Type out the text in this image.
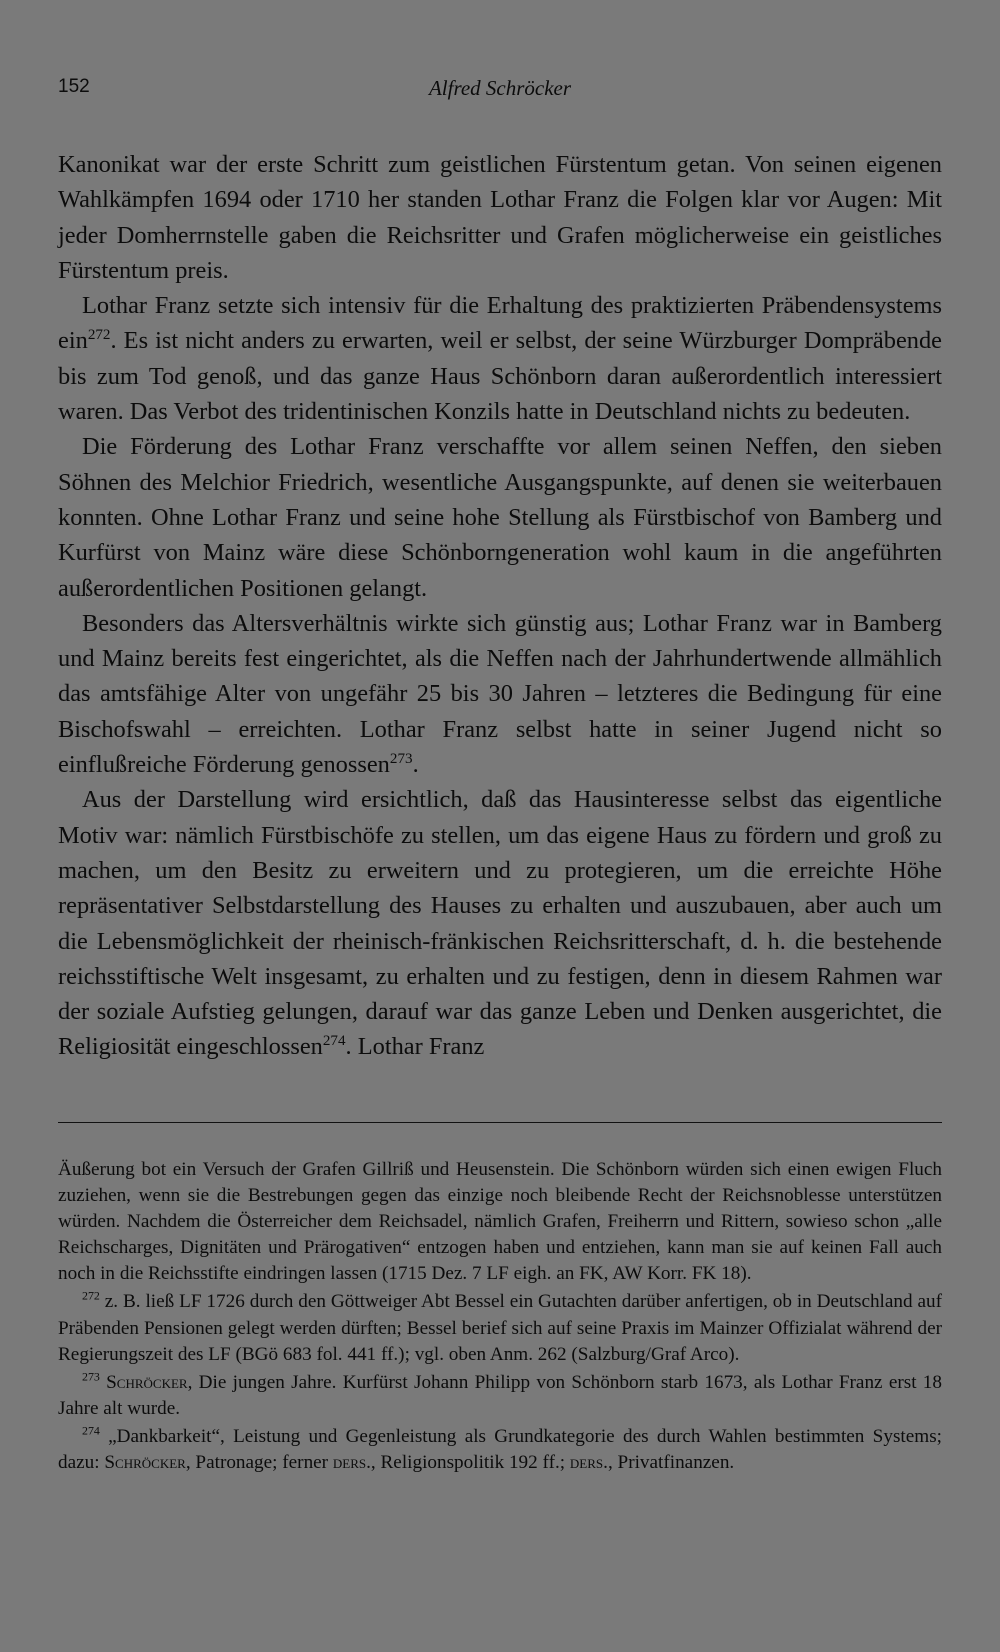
152	Alfred Schröcker

Kanonikat war der erste Schritt zum geistlichen Fürstentum getan. Von seinen eigenen Wahlkämpfen 1694 oder 1710 her standen Lothar Franz die Folgen klar vor Augen: Mit jeder Domherrnstelle gaben die Reichsritter und Grafen möglicherweise ein geistliches Fürstentum preis.

Lothar Franz setzte sich intensiv für die Erhaltung des praktizierten Präbendensystems ein$^{272}$. Es ist nicht anders zu erwarten, weil er selbst, der seine Würzburger Dompräbende bis zum Tod genoß, und das ganze Haus Schönborn daran außerordentlich interessiert waren. Das Verbot des tridentinischen Konzils hatte in Deutschland nichts zu bedeuten.

Die Förderung des Lothar Franz verschaffte vor allem seinen Neffen, den sieben Söhnen des Melchior Friedrich, wesentliche Ausgangspunkte, auf denen sie weiterbauen konnten. Ohne Lothar Franz und seine hohe Stellung als Fürstbischof von Bamberg und Kurfürst von Mainz wäre diese Schönborngeneration wohl kaum in die angeführten außerordentlichen Positionen gelangt.

Besonders das Altersverhältnis wirkte sich günstig aus; Lothar Franz war in Bamberg und Mainz bereits fest eingerichtet, als die Neffen nach der Jahrhundertwende allmählich das amtsfähige Alter von ungefähr 25 bis 30 Jahren – letzteres die Bedingung für eine Bischofswahl – erreichten. Lothar Franz selbst hatte in seiner Jugend nicht so einflußreiche Förderung genossen$^{273}$.

Aus der Darstellung wird ersichtlich, daß das Hausinteresse selbst das eigentliche Motiv war: nämlich Fürstbischöfe zu stellen, um das eigene Haus zu fördern und groß zu machen, um den Besitz zu erweitern und zu protegieren, um die erreichte Höhe repräsentativer Selbstdarstellung des Hauses zu erhalten und auszubauen, aber auch um die Lebensmöglichkeit der rheinisch-fränkischen Reichsritterschaft, d. h. die bestehende reichsstiftische Welt insgesamt, zu erhalten und zu festigen, denn in diesem Rahmen war der soziale Aufstieg gelungen, darauf war das ganze Leben und Denken ausgerichtet, die Religiosität eingeschlossen$^{274}$. Lothar Franz

Äußerung bot ein Versuch der Grafen Gillriß und Heusenstein. Die Schönborn würden sich einen ewigen Fluch zuziehen, wenn sie die Bestrebungen gegen das einzige noch bleibende Recht der Reichsnoblesse unterstützen würden. Nachdem die Österreicher dem Reichsadel, nämlich Grafen, Freiherrn und Rittern, sowieso schon „alle Reichscharges, Dignitäten und Prärogativen“ entzogen haben und entziehen, kann man sie auf keinen Fall auch noch in die Reichsstifte eindringen lassen (1715 Dez. 7 LF eigh. an FK, AW Korr. FK 18).

$^{272}$ z. B. ließ LF 1726 durch den Göttweiger Abt Bessel ein Gutachten darüber anfertigen, ob in Deutschland auf Präbenden Pensionen gelegt werden dürften; Bessel berief sich auf seine Praxis im Mainzer Offizialat während der Regierungszeit des LF (BGö 683 fol. 441 ff.); vgl. oben Anm. 262 (Salzburg/Graf Arco).

$^{273}$ Schröcker, Die jungen Jahre. Kurfürst Johann Philipp von Schönborn starb 1673, als Lothar Franz erst 18 Jahre alt wurde.

$^{274}$ „Dankbarkeit“, Leistung und Gegenleistung als Grundkategorie des durch Wahlen bestimmten Systems; dazu: Schröcker, Patronage; ferner ders., Religionspolitik 192 ff.; ders., Privatfinanzen.
